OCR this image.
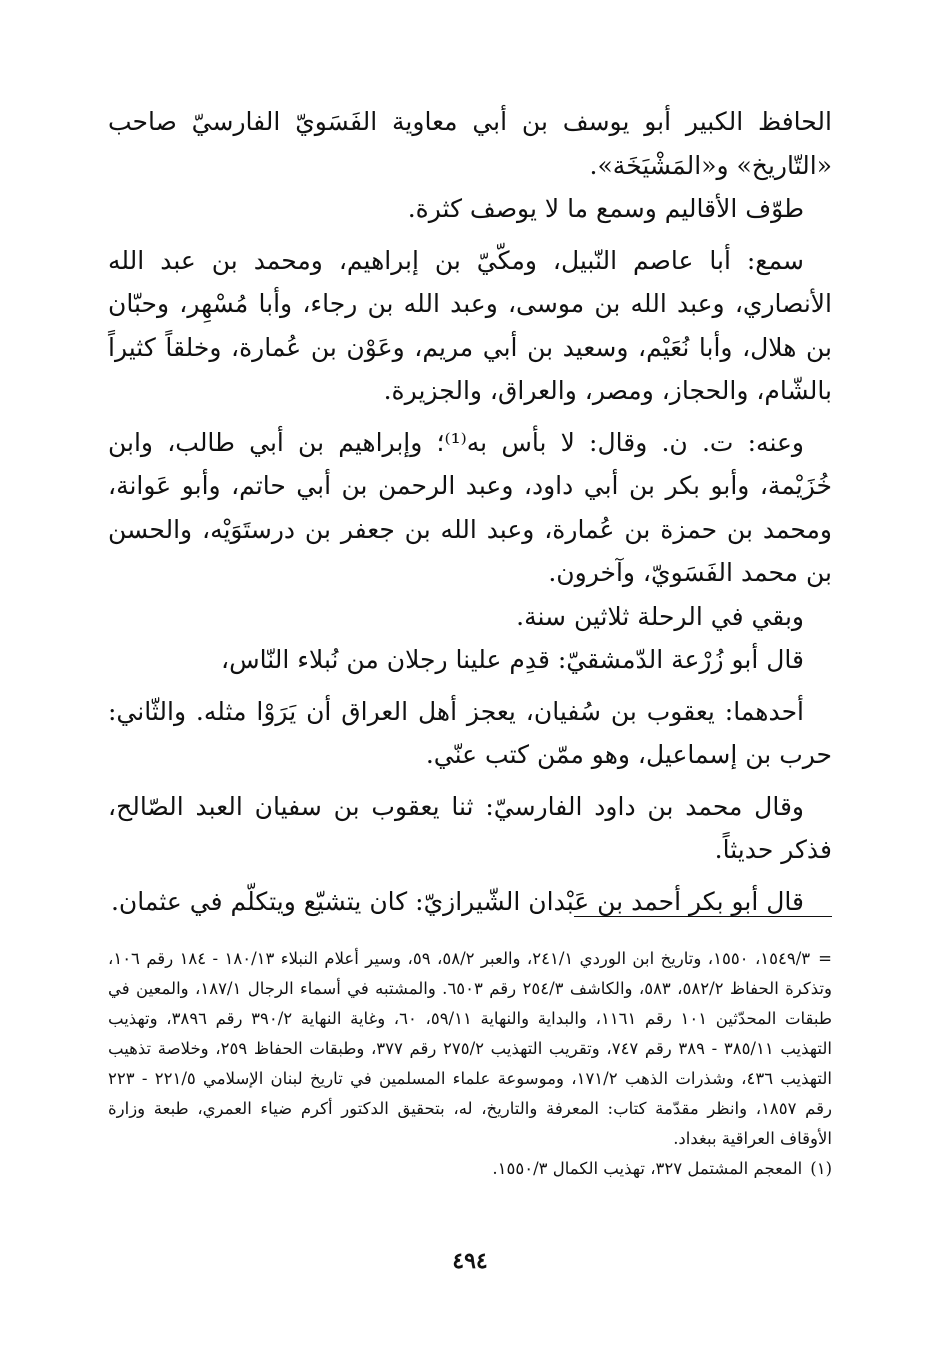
الحافظ الكبير أبو يوسف بن أبي معاوية الفَسَويّ الفارسيّ صاحب «التّاريخ» و«المَشْيَخَة».

طوّف الأقاليم وسمع ما لا يوصف كثرة.

سمع: أبا عاصم النّبيل، ومكّيّ بن إبراهيم، ومحمد بن عبد الله الأنصاري، وعبد الله بن موسى، وعبد الله بن رجاء، وأبا مُسْهِر، وحبّان بن هلال، وأبا نُعَيْم، وسعيد بن أبي مريم، وعَوْن بن عُمارة، وخلقاً كثيراً بالشّام، والحجاز، ومصر، والعراق، والجزيرة.

وعنه: ت. ن. وقال: لا بأس به⁽¹⁾؛ وإبراهيم بن أبي طالب، وابن خُزَيْمة، وأبو بكر بن أبي داود، وعبد الرحمن بن أبي حاتم، وأبو عَوانة، ومحمد بن حمزة بن عُمارة، وعبد الله بن جعفر بن درستَوَيْه، والحسن بن محمد الفَسَويّ، وآخرون.

وبقي في الرحلة ثلاثين سنة.

قال أبو زُرْعة الدّمشقيّ: قدِم علينا رجلان من نُبلاء النّاس،

أحدهما: يعقوب بن سُفيان، يعجز أهل العراق أن يَرَوْا مثله. والثّاني: حرب بن إسماعيل، وهو ممّن كتب عنّي.

وقال محمد بن داود الفارسيّ: ثنا يعقوب بن سفيان العبد الصّالح، فذكر حديثاً.

قال أبو بكر أحمد بن عَبْدان الشّيرازيّ: كان يتشيّع ويتكلّم في عثمان.

=١٥٤٩/٣، ١٥٥٠، وتاريخ ابن الوردي ٢٤١/١، والعبر ٥٨/٢، ٥٩، وسير أعلام النبلاء ١٨٠/١٣ - ١٨٤ رقم ١٠٦، وتذكرة الحفاظ ٥٨٢/٢، ٥٨٣، والكاشف ٢٥٤/٣ رقم ٦٥٠٣. والمشتبه في أسماء الرجال ١٨٧/١، والمعين في طبقات المحدّثين ١٠١ رقم ١١٦١، والبداية والنهاية ٥٩/١١، ٦٠، وغاية النهاية ٣٩٠/٢ رقم ٣٨٩٦، وتهذيب التهذيب ٣٨٥/١١ - ٣٨٩ رقم ٧٤٧، وتقريب التهذيب ٢٧٥/٢ رقم ٣٧٧، وطبقات الحفاظ ٢٥٩، وخلاصة تذهيب التهذيب ٤٣٦، وشذرات الذهب ١٧١/٢، وموسوعة علماء المسلمين في تاريخ لبنان الإسلامي ٢٢١/٥ - ٢٢٣ رقم ١٨٥٧، وانظر مقدّمة كتاب: المعرفة والتاريخ، له، بتحقيق الدكتور أكرم ضياء العمري، طبعة وزارة الأوقاف العراقية ببغداد.

(١)المعجم المشتمل ٣٢٧، تهذيب الكمال ١٥٥٠/٣.

٤٩٤
